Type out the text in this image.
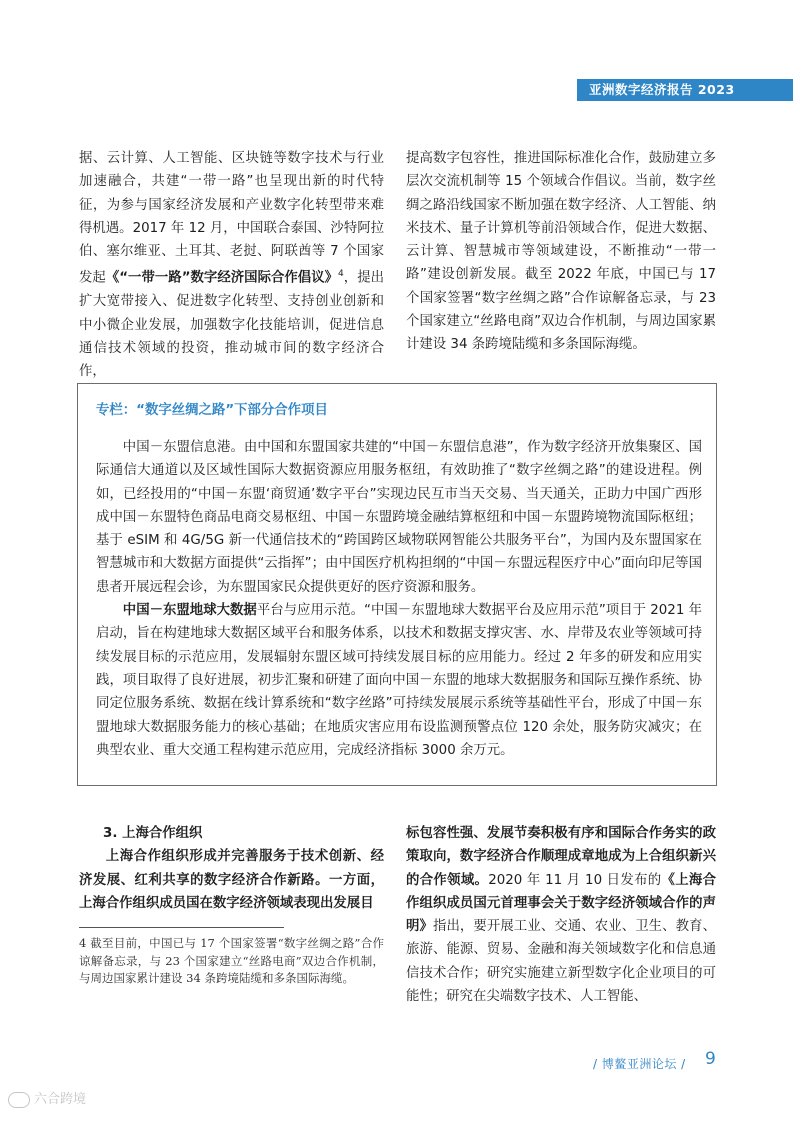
亚洲数字经济报告 2023

据、云计算、人工智能、区块链等数字技术与行业加速融合，共建“一带一路”也呈现出新的时代特征，为参与国家经济发展和产业数字化转型带来难得机遇。2017 年 12 月，中国联合泰国、沙特阿拉伯、塞尔维亚、土耳其、老挝、阿联酋等 7 个国家发起《“一带一路”数字经济国际合作倡议》$^4$，提出扩大宽带接入、促进数字化转型、支持创业创新和中小微企业发展，加强数字化技能培训，促进信息通信技术领域的投资，推动城市间的数字经济合作，

提高数字包容性，推进国际标准化合作，鼓励建立多层次交流机制等 15 个领域合作倡议。当前，数字丝绸之路沿线国家不断加强在数字经济、人工智能、纳米技术、量子计算机等前沿领域合作，促进大数据、云计算、智慧城市等领域建设，不断推动“一带一路”建设创新发展。截至 2022 年底，中国已与 17 个国家签署“数字丝绸之路”合作谅解备忘录，与 23 个国家建立“丝路电商”双边合作机制，与周边国家累计建设 34 条跨境陆缆和多条国际海缆。

专栏：“数字丝绸之路”下部分合作项目

中国－东盟信息港。由中国和东盟国家共建的“中国－东盟信息港”，作为数字经济开放集聚区、国际通信大通道以及区域性国际大数据资源应用服务枢纽，有效助推了“数字丝绸之路”的建设进程。例如，已经投用的“中国－东盟‘商贸通’数字平台”实现边民互市当天交易、当天通关，正助力中国广西形成中国－东盟特色商品电商交易枢纽、中国－东盟跨境金融结算枢纽和中国－东盟跨境物流国际枢纽；基于 eSIM 和 4G/5G 新一代通信技术的“跨国跨区域物联网智能公共服务平台”，为国内及东盟国家在智慧城市和大数据方面提供“云指挥”；由中国医疗机构担纲的“中国－东盟远程医疗中心”面向印尼等国患者开展远程会诊，为东盟国家民众提供更好的医疗资源和服务。

中国－东盟地球大数据平台与应用示范。“中国－东盟地球大数据平台及应用示范”项目于 2021 年启动，旨在构建地球大数据区域平台和服务体系，以技术和数据支撑灾害、水、岸带及农业等领域可持续发展目标的示范应用，发展辐射东盟区域可持续发展目标的应用能力。经过 2 年多的研发和应用实践，项目取得了良好进展，初步汇聚和研建了面向中国－东盟的地球大数据服务和国际互操作系统、协同定位服务系统、数据在线计算系统和“数字丝路”可持续发展展示系统等基础性平台，形成了中国－东盟地球大数据服务能力的核心基础；在地质灾害应用布设监测预警点位 120 余处，服务防灾减灾；在典型农业、重大交通工程构建示范应用，完成经济指标 3000 余万元。

3. 上海合作组织

上海合作组织形成并完善服务于技术创新、经济发展、红利共享的数字经济合作新路。一方面，上海合作组织成员国在数字经济领域表现出发展目

标包容性强、发展节奏积极有序和国际合作务实的政策取向，数字经济合作顺理成章地成为上合组织新兴的合作领域。2020 年 11 月 10 日发布的《上海合作组织成员国元首理事会关于数字经济领域合作的声明》指出，要开展工业、交通、农业、卫生、教育、旅游、能源、贸易、金融和海关领域数字化和信息通信技术合作；研究实施建立新型数字化企业项目的可能性；研究在尖端数字技术、人工智能、

4 截至目前，中国已与 17 个国家签署“数字丝绸之路”合作谅解备忘录，与 23 个国家建立“丝路电商”双边合作机制，与周边国家累计建设 34 条跨境陆缆和多条国际海缆。
/ 博鳌亚洲论坛 / 9
六合跨境
